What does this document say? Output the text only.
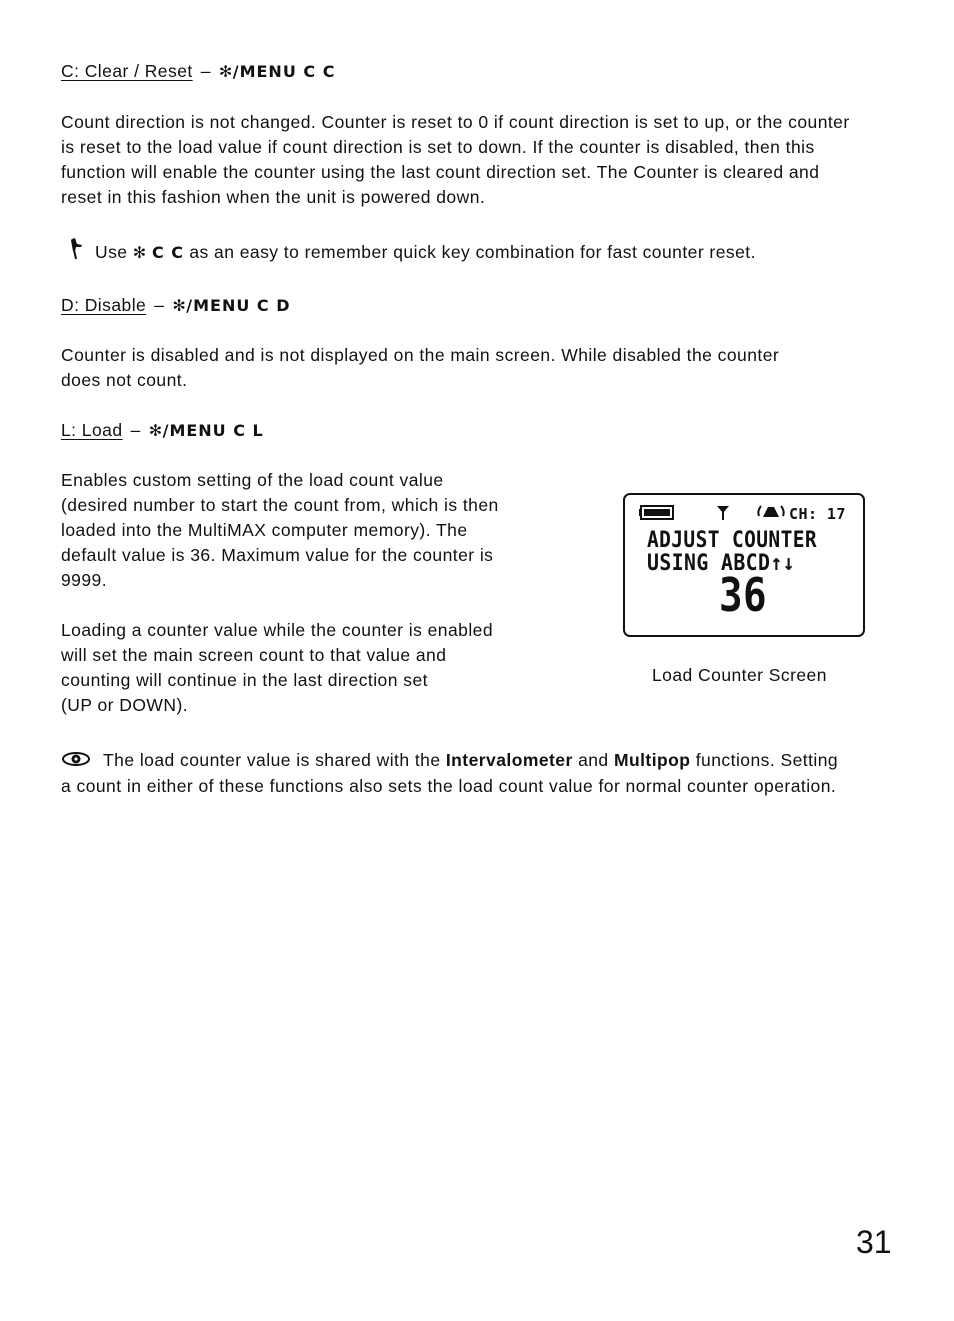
C: Clear / Reset – ✻/MENU C C

Count direction is not changed. Counter is reset to 0 if count direction is set to up, or the counter is reset to the load value if count direction is set to down. If the counter is disabled, then this function will enable the counter using the last count direction set. The Counter is cleared and reset in this fashion when the unit is powered down.

Use ✻ C C as an easy to remember quick key combination for fast counter reset.

D: Disable – ✻/MENU C D

Counter is disabled and is not displayed on the main screen. While disabled the counter does not count.

L: Load – ✻/MENU C L

Enables custom setting of the load count value
(desired number to start the count from, which is then
loaded into the MultiMAX computer memory). The
default value is 36. Maximum value for the counter is
9999.
Loading a counter value while the counter is enabled
will set the main screen count to that value and
counting will continue in the last direction set
(UP or DOWN).
CH: 17
ADJUST COUNTER
USING ABCD↑↓
36
Load Counter Screen
The load counter value is shared with the Intervalometer and Multipop functions. Setting a count in either of these functions also sets the load count value for normal counter operation.
31
